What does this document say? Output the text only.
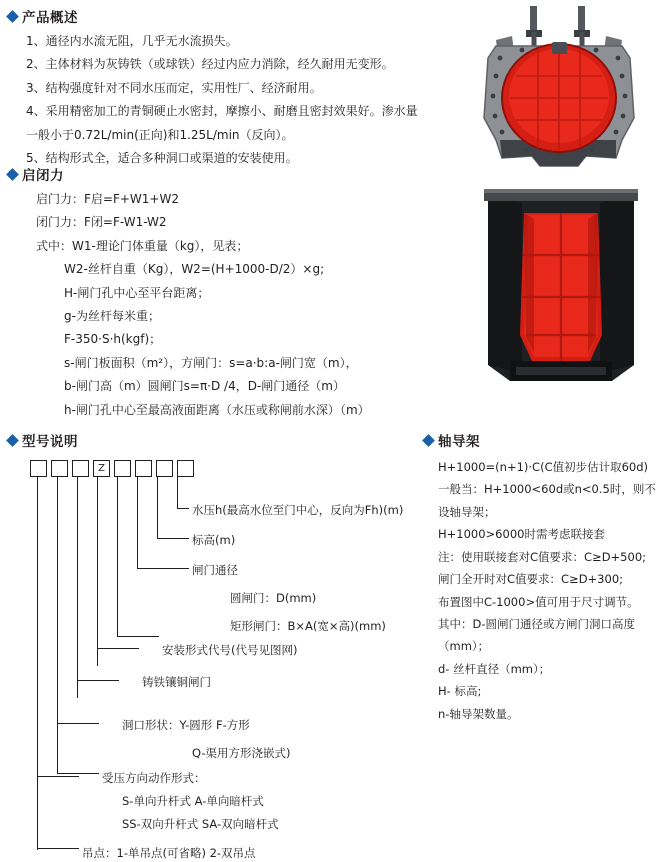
产品概述
1、通径内水流无阻，几乎无水流损失。
2、主体材料为灰铸铁（或球铁）经过内应力消除，经久耐用无变形。
3、结构强度针对不同水压而定，实用性厂、经济耐用。
4、采用精密加工的青铜硬止水密封，摩擦小、耐磨且密封效果好。渗水量
一般小于0.72L/min(正向)和1.25L/min（反向）。
5、结构形式全，适合多种洞口或渠道的安装使用。
启闭力
启门力：F启=F+W1+W2
闭门力：F闭=F-W1-W2
式中：W1-理论门体重量（kg），见表；
W2-丝杆自重（Kg），W2=(H+1000-D/2）×g;
H-闸门孔中心至平台距离；
g-为丝杆每米重；
F-350·S·h(kgf)；
s-闸门板面积（m²），方闸门：s=a·b:a-闸门宽（m），
b-闸门高（m）圆闸门s=π·D /4，D-闸门通径（m）
h-闸门孔中心至最高液面距离（水压或称闸前水深）（m）
型号说明
Z
水压h(最高水位至门中心，反向为Fh)(m)
标高(m)
闸门通径
圆闸门：D(mm)
矩形闸门：B×A(宽×高)(mm)
安装形式代号(代号见图网)
铸铁镶铜闸门
洞口形状：Y-圆形 F-方形
Q-渠用方形浇嵌式)
受压方向动作形式：
S-单向升杆式 A-单向暗杆式
SS-双向升杆式 SA-双向暗杆式
吊点：1-单吊点(可省略) 2-双吊点
轴导架
H+1000=(n+1)·C(C值初步估计取60d)
一般当：H+1000<60d或n<0.5时，则不设轴导架；
H+1000>6000时需考虑联接套
注：使用联接套对C值要求：C≥D+500;
闸门全开时对C值要求：C≥D+300;
布置图中C-1000>值可用于尺寸调节。
其中：D-圆闸门通径或方闸门洞口高度（mm）；
d- 丝杆直径（mm）；
H- 标高;
n-轴导架数量。
